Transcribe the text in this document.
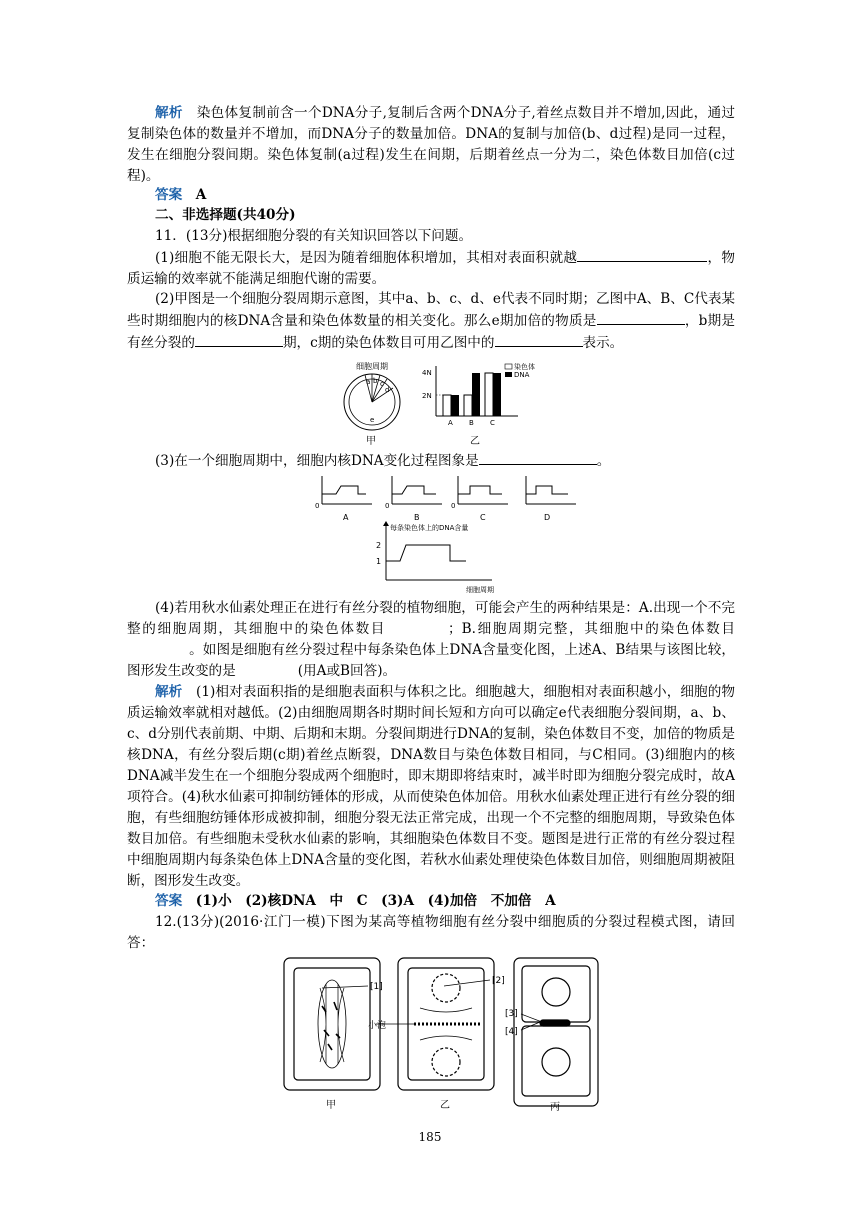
解析　 染色体复制前含一个DNA分子,复制后含两个DNA分子,着丝点数目并不增加,因此，通过复制染色体的数量并不增加，而DNA分子的数量加倍。DNA的复制与加倍(b、d过程)是同一过程，发生在细胞分裂间期。染色体复制(a过程)发生在间期，后期着丝点一分为二，染色体数目加倍(c过程)。

答案　 A

二、非选择题(共40分)

11．(13分)根据细胞分裂的有关知识回答以下问题。

(1)细胞不能无限长大，是因为随着细胞体积增加，其相对表面积就越	，物质运输的效率就不能满足细胞代谢的需要。

(2)甲图是一个细胞分裂周期示意图，其中a、b、c、d、e代表不同时期；乙图中A、B、C代表某些时期细胞内的核DNA含量和染色体数量的相关变化。那么e期加倍的物质是	，b期是有丝分裂的	期，c期的染色体数目可用乙图中的	表示。

细胞周期
a b c
d
e
甲
4N
2N
A B C
染色体
DNA
乙

(3)在一个细胞周期中，细胞内核DNA变化过程图象是	。

0
A
0
B
0
C	D
每条染色体上的DNA含量
2
1
细胞周期

(4)若用秋水仙素处理正在进行有丝分裂的植物细胞，可能会产生的两种结果是：A.出现一个不完整的细胞周期，其细胞中的染色体数目	；B.细胞周期完整，其细胞中的染色体数目。如图是细胞有丝分裂过程中每条染色体上DNA含量变化图，上述A、B结果与该图比较，图形发生改变的是	(用A或B回答)。

解析　 (1)相对表面积指的是细胞表面积与体积之比。细胞越大，细胞相对表面积越小，细胞的物质运输效率就相对越低。(2)由细胞周期各时期时间长短和方向可以确定e代表细胞分裂间期，a、b、c、d分别代表前期、中期、后期和末期。分裂间期进行DNA的复制，染色体数目不变，加倍的物质是核DNA，有丝分裂后期(c期)着丝点断裂，DNA数目与染色体数目相同，与C相同。(3)细胞内的核DNA减半发生在一个细胞分裂成两个细胞时，即末期即将结束时，减半时即为细胞分裂完成时，故A项符合。(4)秋水仙素可抑制纺锤体的形成，从而使染色体加倍。用秋水仙素处理正进行有丝分裂的细胞，有些细胞纺锤体形成被抑制，细胞分裂无法正常完成，出现一个不完整的细胞周期，导致染色体数目加倍。有些细胞未受秋水仙素的影响，其细胞染色体数目不变。题图是进行正常的有丝分裂过程中细胞周期内每条染色体上DNA含量的变化图，若秋水仙素处理使染色体数目加倍，则细胞周期被阻断，图形发生改变。

答案　 (1)小　(2)核DNA　中　C　(3)A　(4)加倍　不加倍　A

12.(13分)(2016·江门一模)下图为某高等植物细胞有丝分裂中细胞质的分裂过程模式图，请回答：

[1]
小泡
[2]
[3]
[4]
甲	乙	丙
185
